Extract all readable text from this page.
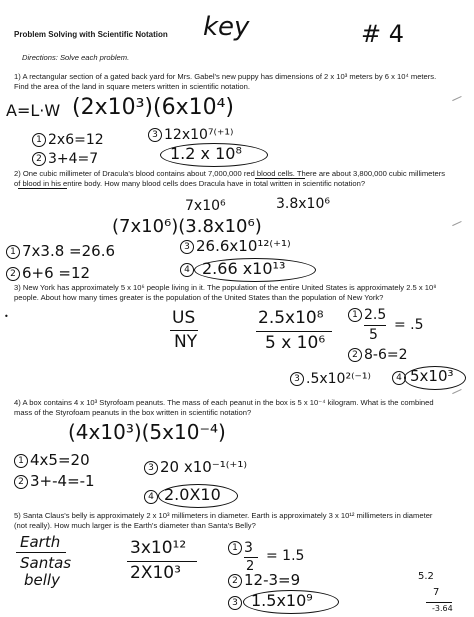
Problem Solving with Scientific Notation key	# 4
Directions: Solve each problem.
1) A rectangular section of a gated back yard for Mrs. Gabel's new puppy has dimensions of 2 x 10³ meters by 6 x 10⁴ meters. Find the area of the land in square meters written in scientific notation.
A=L·W (2x10³)(6x10⁴)
1 2x6=12
2 3+4=7
3 12x10⁷⁽⁺¹⁾
1.2 x 10⁸
2) One cubic millimeter of Dracula's blood contains about 7,000,000 red blood cells. There are about 3,800,000 cubic millimeters of blood in his entire body. How many blood cells does Dracula have in total written in scientific notation?
7x10⁶	3.8x10⁶
(7x10⁶)(3.8x10⁶)
1 7x3.8 =26.6
2 6+6 =12
3 26.6x10¹²⁽⁺¹⁾
4 2.66 x10¹³
3) New York has approximately 5 x 10⁶ people living in it. The population of the entire United States is approximately 2.5 x 10⁸ people. About how many times greater is the population of the United States than the population of New York?
US
NY
2.5x10⁸
5 x 10⁶
1 2.5
5
= .5
2 8-6=2
3 .5x10²⁽⁻¹⁾	4 5x10³
4) A box contains 4 x 10³ Styrofoam peanuts. The mass of each peanut in the box is 5 x 10⁻⁴ kilogram. What is the combined mass of the Styrofoam peanuts in the box written in scientific notation?
(4x10³)(5x10⁻⁴)
1 4x5=20
2 3+-4=-1
3 20 x10⁻¹⁽⁺¹⁾
4 2.0X10
5) Santa Claus's belly is approximately 2 x 10³ millimeters in diameter. Earth is approximately 3 x 10¹² millimeters in diameter (not really). How much larger is the Earth's diameter than Santa's Belly?
Earth
Santas
belly
3x10¹²
2X10³
1 3
2
= 1.5
2 12-3=9
3 1.5x10⁹
5.2
7
-3.64
•
